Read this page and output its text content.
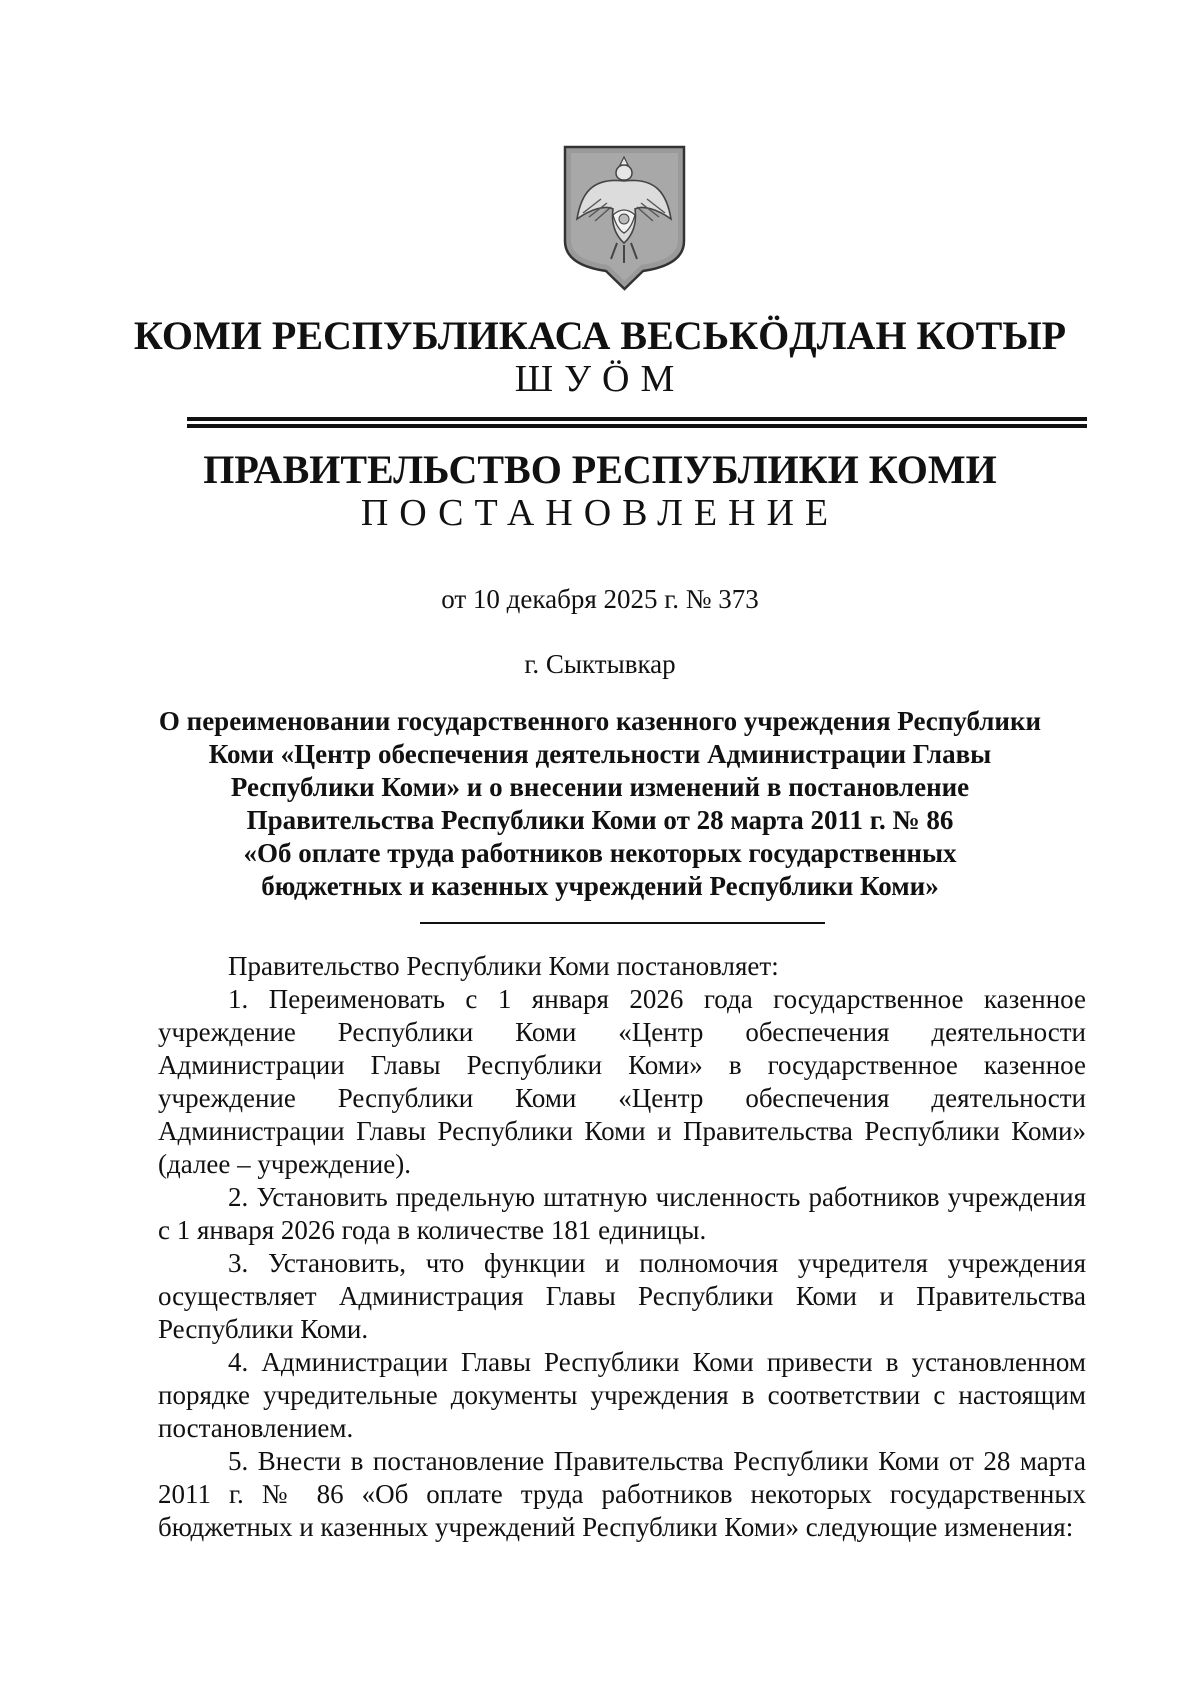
КОМИ РЕСПУБЛИКАСА ВЕСЬКӦДЛАН КОТЫР
ШУӦМ
ПРАВИТЕЛЬСТВО РЕСПУБЛИКИ КОМИ
ПОСТАНОВЛЕНИЕ
от 10 декабря 2025 г. № 373
г. Сыктывкар
О переименовании государственного казенного учреждения Республики
Коми «Центр обеспечения деятельности Администрации Главы
Республики Коми» и о внесении изменений в постановление
Правительства Республики Коми от 28 марта 2011 г. № 86
«Об оплате труда работников некоторых государственных
бюджетных и казенных учреждений Республики Коми»

Правительство Республики Коми постановляет:

1. Переименовать с 1 января 2026 года государственное казенное учреждение Республики Коми «Центр обеспечения деятельности Администрации Главы Республики Коми» в государственное казенное учреждение Республики Коми «Центр обеспечения деятельности Администрации Главы Республики Коми и Правительства Республики Коми» (далее – учреждение).

2. Установить предельную штатную численность работников учреждения с 1 января 2026 года в количестве 181 единицы.

3. Установить, что функции и полномочия учредителя учреждения осуществляет Администрация Главы Республики Коми и Правительства Республики Коми.

4. Администрации Главы Республики Коми привести в установленном порядке учредительные документы учреждения в соответствии с настоящим постановлением.

5. Внести в постановление Правительства Республики Коми от 28 марта 2011 г. № 86 «Об оплате труда работников некоторых государственных бюджетных и казенных учреждений Республики Коми» следующие изменения:
